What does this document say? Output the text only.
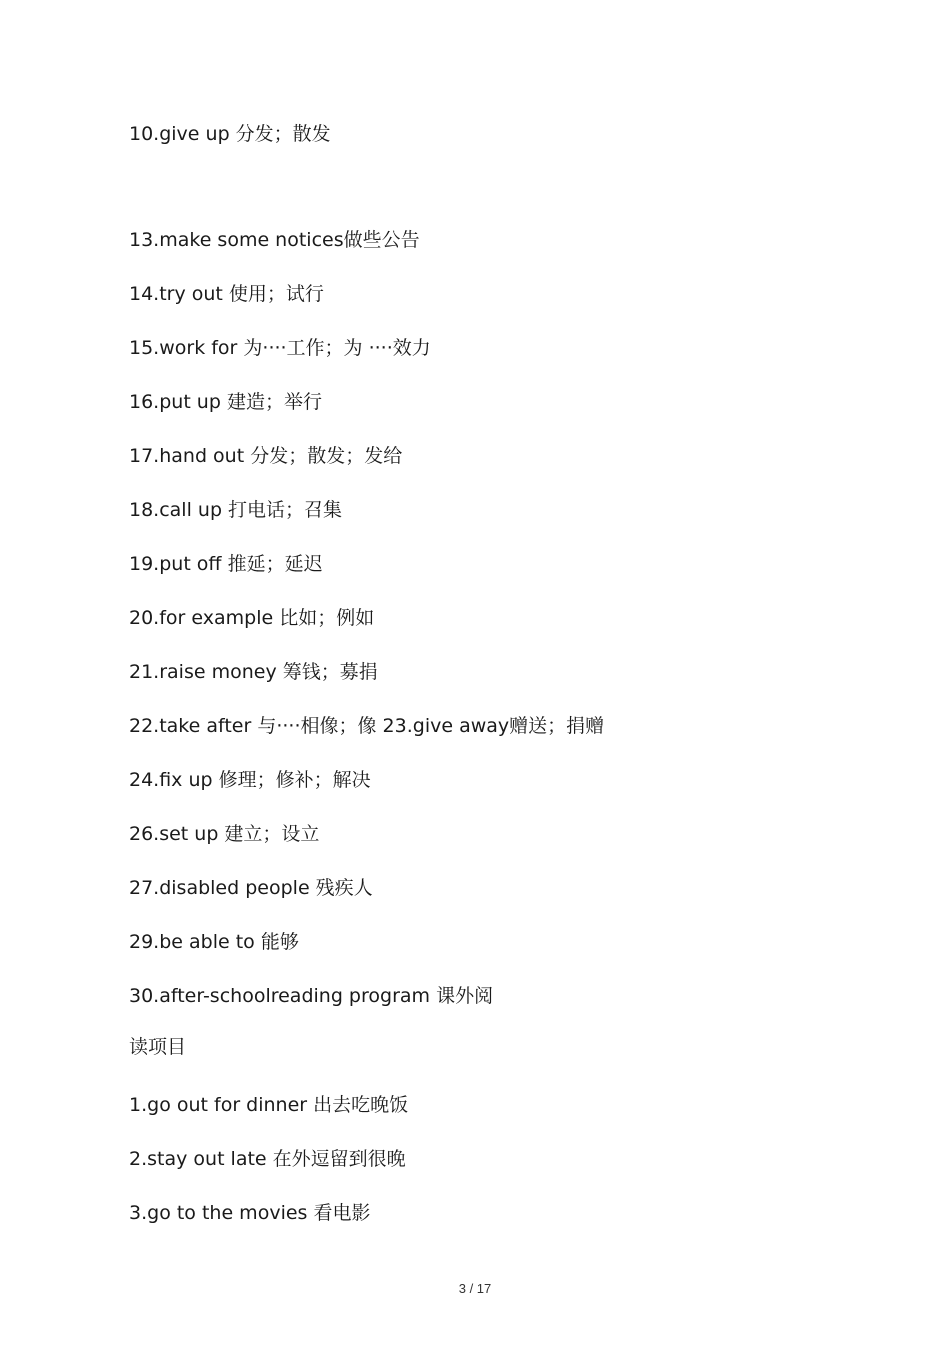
10.give up 分发；散发
13.make some notices做些公告
14.try out 使用；试行
15.work for 为····工作；为 ····效力
16.put up 建造；举行
17.hand out 分发；散发；发给
18.call up 打电话；召集
19.put off 推延；延迟
20.for example 比如；例如
21.raise money 筹钱；募捐
22.take after 与····相像；像 23.give away赠送；捐赠
24.fix up 修理；修补；解决
26.set up 建立；设立
27.disabled people 残疾人
29.be able to 能够
30.after-schoolreading program 课外阅
读项目
1.go out for dinner 出去吃晚饭
2.stay out late 在外逗留到很晚
3.go to the movies 看电影
3 / 17
